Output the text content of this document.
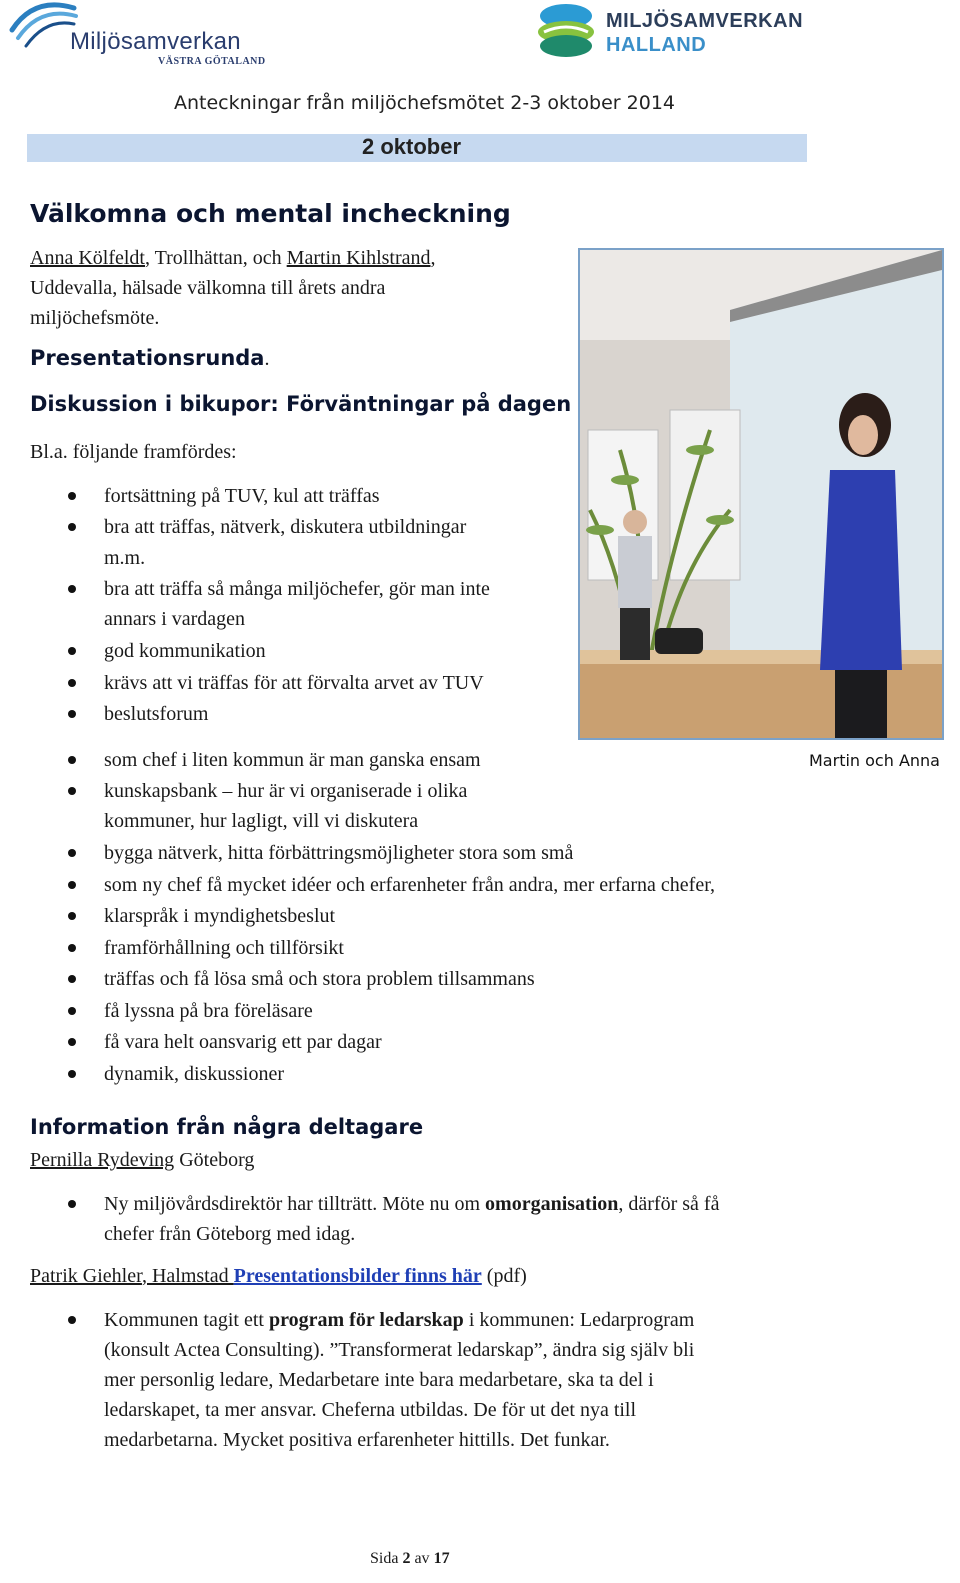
Miljösamverkan
VÄSTRA GÖTALAND
MILJÖSAMVERKAN
HALLAND
Anteckningar från miljöchefsmötet 2-3 oktober 2014
2 oktober
Välkomna och mental incheckning
Anna Kölfeldt, Trollhättan, och Martin Kihlstrand,
Uddevalla, hälsade välkomna till årets andra
miljöchefsmöte.
Presentationsrunda.
Diskussion i bikupor: Förväntningar på dagen
Bl.a. följande framfördes:
fortsättning på TUV, kul att träffas
bra att träffas, nätverk, diskutera utbildningar
m.m.
bra att träffa så många miljöchefer, gör man inte
annars i vardagen
god kommunikation
krävs att vi träffas för att förvalta arvet av TUV
beslutsforum
som chef i liten kommun är man ganska ensam
kunskapsbank – hur är vi organiserade i olika
kommuner, hur lagligt, vill vi diskutera
bygga nätverk, hitta förbättringsmöjligheter stora som små
som ny chef få mycket idéer och erfarenheter från andra, mer erfarna chefer,
klarspråk i myndighetsbeslut
framförhållning och tillförsikt
träffas och få lösa små och stora problem tillsammans
få lyssna på bra föreläsare
få vara helt oansvarig ett par dagar
dynamik, diskussioner
Martin och Anna
Information från några deltagare
Pernilla Rydeving Göteborg
Ny miljövårdsdirektör har tillträtt. Möte nu om omorganisation, därför så få
chefer från Göteborg med idag.
Patrik Giehler, Halmstad Presentationsbilder finns här (pdf)
Kommunen tagit ett program för ledarskap i kommunen: Ledarprogram
(konsult Actea Consulting). ”Transformerat ledarskap”, ändra sig själv bli
mer personlig ledare, Medarbetare inte bara medarbetare, ska ta del i
ledarskapet, ta mer ansvar. Cheferna utbildas. De för ut det nya till
medarbetarna. Mycket positiva erfarenheter hittills. Det funkar.
Sida 2 av 17
